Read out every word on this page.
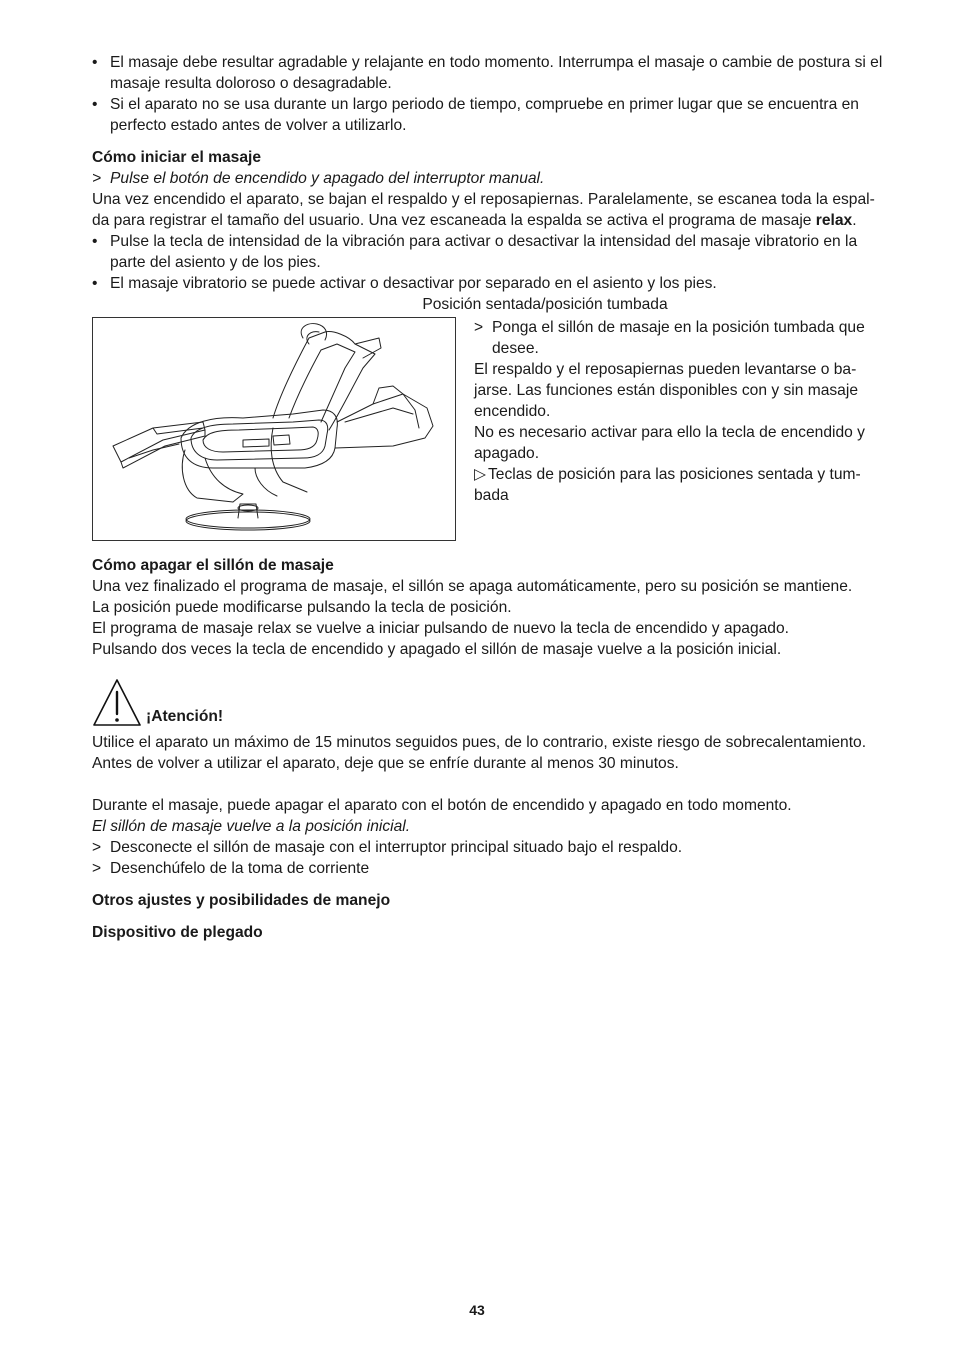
• El masaje debe resultar agradable y relajante en todo momento. Interrumpa el masaje o cambie de postura si el masaje resulta doloroso o desagradable.

• Si el aparato no se usa durante un largo periodo de tiempo, compruebe en primer lugar que se encuentra en perfecto estado antes de volver a utilizarlo.

Cómo iniciar el masaje

> Pulse el botón de encendido y apagado del interruptor manual.

Una vez encendido el aparato, se bajan el respaldo y el reposapiernas. Paralelamente, se escanea toda la espal-da para registrar el tamaño del usuario. Una vez escaneada la espalda se activa el programa de masaje relax.

• Pulse la tecla de intensidad de la vibración para activar o desactivar la intensidad del masaje vibratorio en la parte del asiento y de los pies.

• El masaje vibratorio se puede activar o desactivar por separado en el asiento y los pies.

Posición sentada/posición tumbada

> Ponga el sillón de masaje en la posición tumbada que desee.

El respaldo y el reposapiernas pueden levantarse o ba-jarse. Las funciones están disponibles con y sin masaje encendido.

No es necesario activar para ello la tecla de encendido y apagado.

▷ Teclas de posición para las posiciones sentada y tum-bada

Cómo apagar el sillón de masaje

Una vez finalizado el programa de masaje, el sillón se apaga automáticamente, pero su posición se mantiene.

La posición puede modificarse pulsando la tecla de posición.

El programa de masaje relax se vuelve a iniciar pulsando de nuevo la tecla de encendido y apagado.

Pulsando dos veces la tecla de encendido y apagado el sillón de masaje vuelve a la posición inicial.

¡Atención!

Utilice el aparato un máximo de 15 minutos seguidos pues, de lo contrario, existe riesgo de sobrecalentamiento.

Antes de volver a utilizar el aparato, deje que se enfríe durante al menos 30 minutos.

Durante el masaje, puede apagar el aparato con el botón de encendido y apagado en todo momento.

El sillón de masaje vuelve a la posición inicial.

> Desconecte el sillón de masaje con el interruptor principal situado bajo el respaldo.

> Desenchúfelo de la toma de corriente

Otros ajustes y posibilidades de manejo
Dispositivo de plegado
43
